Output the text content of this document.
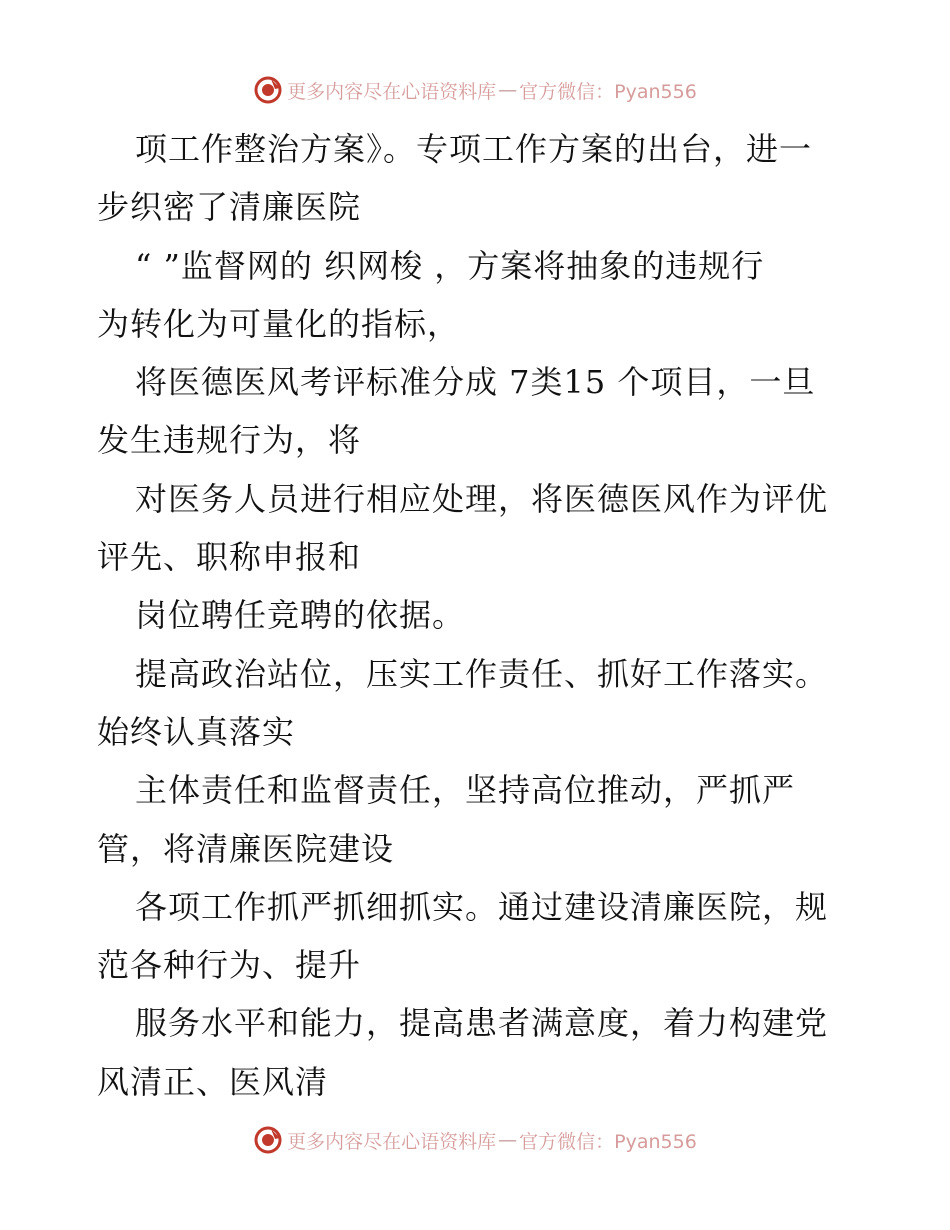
更多内容尽在心语资料库 — 官方微信：Pyan556
项工作整治方案》。专项工作方案的出台，进一
步织密了清廉医院
“ ”监督网的 织网梭 ，方案将抽象的违规行
为转化为可量化的指标，
将医德医风考评标准分成 7类15 个项目，一旦
发生违规行为，将
对医务人员进行相应处理，将医德医风作为评优
评先、职称申报和
岗位聘任竞聘的依据。
提高政治站位，压实工作责任、抓好工作落实。
始终认真落实
主体责任和监督责任，坚持高位推动，严抓严
管，将清廉医院建设
各项工作抓严抓细抓实。通过建设清廉医院，规
范各种行为、提升
服务水平和能力，提高患者满意度，着力构建党
风清正、医风清
更多内容尽在心语资料库 — 官方微信：Pyan556
